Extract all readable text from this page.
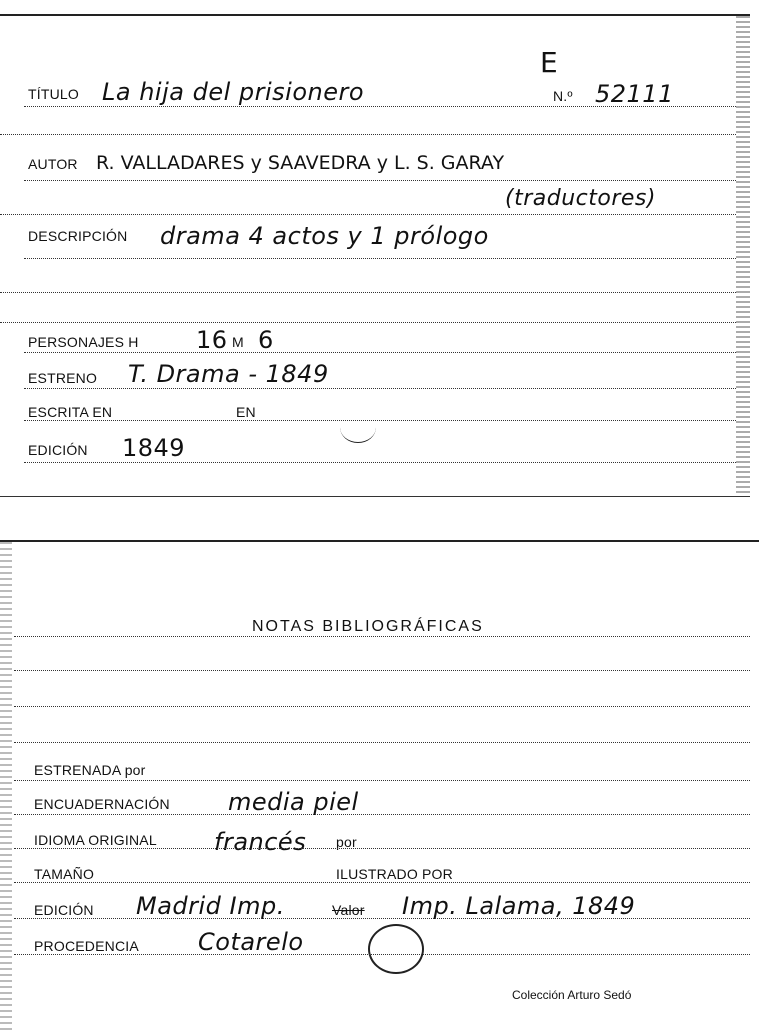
E
TÍTULO La hija del prisionero	N.º 52111
AUTOR R. VALLADARES y SAAVEDRA y L. S. GARAY
(traductores)
DESCRIPCIÓN drama 4 actos y 1 prólogo
PERSONAJES H 16 M 6
ESTRENO T. Drama - 1849
ESCRITA EN	EN
EDICIÓN 1849
NOTAS BIBLIOGRÁFICAS
ESTRENADA por
ENCUADERNACIÓN media piel
IDIOMA ORIGINAL francés por
TAMAÑO	ILUSTRADO POR
EDICIÓN Madrid Imp.	Valor Imp. Lalama, 1849
PROCEDENCIA Cotarelo
Colección Arturo Sedó
